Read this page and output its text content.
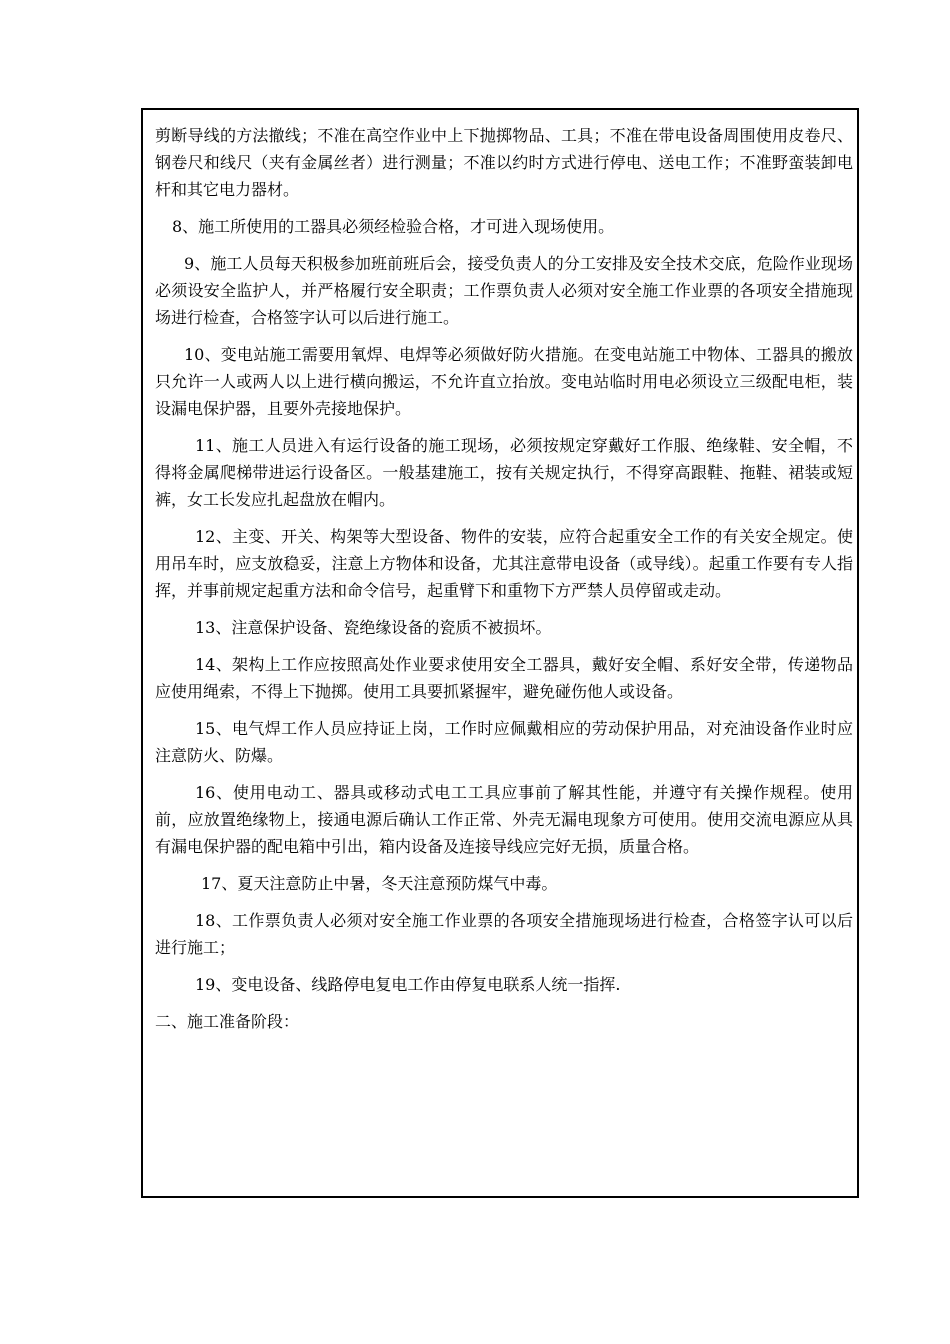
剪断导线的方法撤线；不准在高空作业中上下抛掷物品、工具；不准在带电设备周围使用皮卷尺、钢卷尺和线尺（夹有金属丝者）进行测量；不准以约时方式进行停电、送电工作；不准野蛮装卸电杆和其它电力器材。

8、施工所使用的工器具必须经检验合格，才可进入现场使用。

9、施工人员每天积极参加班前班后会，接受负责人的分工安排及安全技术交底，危险作业现场必须设安全监护人，并严格履行安全职责；工作票负责人必须对安全施工作业票的各项安全措施现场进行检查，合格签字认可以后进行施工。

10、变电站施工需要用氧焊、电焊等必须做好防火措施。在变电站施工中物体、工器具的搬放只允许一人或两人以上进行横向搬运，不允许直立抬放。变电站临时用电必须设立三级配电柜，装设漏电保护器，且要外壳接地保护。

11、施工人员进入有运行设备的施工现场，必须按规定穿戴好工作服、绝缘鞋、安全帽，不得将金属爬梯带进运行设备区。一般基建施工，按有关规定执行，不得穿高跟鞋、拖鞋、裙装或短裤，女工长发应扎起盘放在帽内。

12、主变、开关、构架等大型设备、物件的安装，应符合起重安全工作的有关安全规定。使用吊车时，应支放稳妥，注意上方物体和设备，尤其注意带电设备（或导线）。起重工作要有专人指挥，并事前规定起重方法和命令信号，起重臂下和重物下方严禁人员停留或走动。

13、注意保护设备、瓷绝缘设备的瓷质不被损坏。

14、架构上工作应按照高处作业要求使用安全工器具，戴好安全帽、系好安全带，传递物品应使用绳索，不得上下抛掷。使用工具要抓紧握牢，避免碰伤他人或设备。

15、电气焊工作人员应持证上岗，工作时应佩戴相应的劳动保护用品，对充油设备作业时应注意防火、防爆。

16、使用电动工、器具或移动式电工工具应事前了解其性能，并遵守有关操作规程。使用前，应放置绝缘物上，接通电源后确认工作正常、外壳无漏电现象方可使用。使用交流电源应从具有漏电保护器的配电箱中引出，箱内设备及连接导线应完好无损，质量合格。

17、夏天注意防止中暑，冬天注意预防煤气中毒。

18、工作票负责人必须对安全施工作业票的各项安全措施现场进行检查，合格签字认可以后进行施工；

19、变电设备、线路停电复电工作由停复电联系人统一指挥.

二、施工准备阶段：
